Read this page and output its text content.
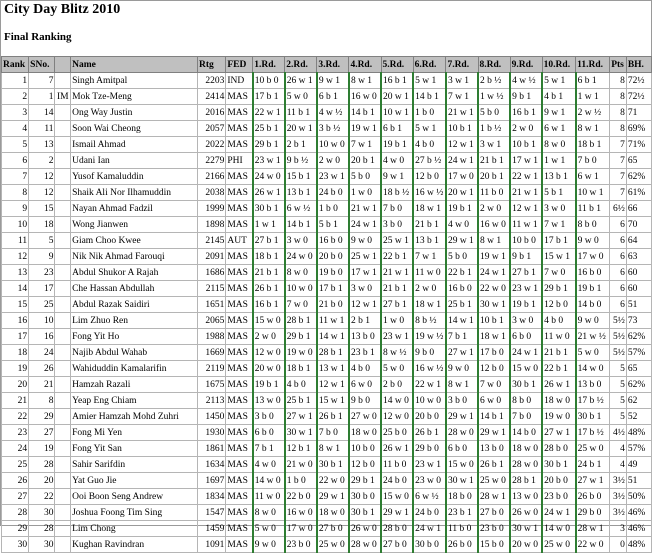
City Day Blitz 2010
Final Ranking
Rank	SNo.		Name	Rtg	FED	1.Rd.	2.Rd.	3.Rd.	4.Rd.	5.Rd.	6.Rd.	7.Rd.	8.Rd.	9.Rd.	10.Rd.	11.Rd.	Pts	BH.
1	7		Singh Amitpal	2203	IND	10 b 0	26 w 1	9 w 1	8 w 1	16 b 1	5 w 1	3 w 1	2 b ½	4 w ½	5 w 1	6 b 1	8	72½
2	1	IM	Mok Tze-Meng	2414	MAS	17 b 1	5 w 0	6 b 1	16 w 0	20 w 1	14 b 1	7 w 1	1 w ½	9 b 1	4 b 1	1 w 1	8	72½
3	14		Ong Way Justin	2016	MAS	22 w 1	11 b 1	4 w ½	14 b 1	10 w 1	1 b 0	21 w 1	5 b 0	16 b 1	9 w 1	2 w ½	8	71
4	11		Soon Wai Cheong	2057	MAS	25 b 1	20 w 1	3 b ½	19 w 1	6 b 1	5 w 1	10 b 1	1 b ½	2 w 0	6 w 1	8 w 1	8	69%
5	13		Ismail Ahmad	2022	MAS	29 b 1	2 b 1	10 w 0	7 w 1	19 b 1	4 b 0	12 w 1	3 w 1	10 b 1	8 w 0	18 b 1	7	71%
6	2		Udani Ian	2279	PHI	23 w 1	9 b ½	2 w 0	20 b 1	4 w 0	27 b ½	24 w 1	21 b 1	17 w 1	1 w 1	7 b 0	7	65
7	12		Yusof Kamaluddin	2166	MAS	24 w 0	15 b 1	23 w 1	5 b 0	9 w 1	12 b 0	17 w 0	20 b 1	22 w 1	13 b 1	6 w 1	7	62%
8	12		Shaik Ali Nor Ilhamuddin	2038	MAS	26 w 1	13 b 1	24 b 0	1 w 0	18 b ½	16 w ½	20 w 1	11 b 0	21 w 1	5 b 1	10 w 1	7	61%
9	15		Nayan Ahmad Fadzil	1999	MAS	30 b 1	6 w ½	1 b 0	21 w 1	7 b 0	18 w 1	19 b 1	2 w 0	12 w 1	3 w 0	11 b 1	6½	66
10	18		Wong Jianwen	1898	MAS	1 w 1	14 b 1	5 b 1	24 w 1	3 b 0	21 b 1	4 w 0	16 w 0	11 w 1	7 w 1	8 b 0	6	70
11	5		Giam Choo Kwee	2145	AUT	27 b 1	3 w 0	16 b 0	9 w 0	25 w 1	13 b 1	29 w 1	8 w 1	10 b 0	17 b 1	9 w 0	6	64
12	9		Nik Nik Ahmad Farouqi	2091	MAS	18 b 1	24 w 0	20 b 0	25 w 1	22 b 1	7 w 1	5 b 0	19 w 1	9 b 1	15 w 1	17 w 0	6	63
13	23		Abdul Shukor A Rajah	1686	MAS	21 b 1	8 w 0	19 b 0	17 w 1	21 w 1	11 w 0	22 b 1	24 w 1	27 b 1	7 w 0	16 b 0	6	60
14	17		Che Hassan Abdullah	2115	MAS	26 b 1	10 w 0	17 b 1	3 w 0	21 b 1	2 w 0	16 b 0	22 w 0	23 w 1	29 b 1	19 b 1	6	60
15	25		Abdul Razak Saidiri	1651	MAS	16 b 1	7 w 0	21 b 0	12 w 1	27 b 1	18 w 1	25 b 1	30 w 1	19 b 1	12 b 0	14 b 0	6	51
16	10		Lim Zhuo Ren	2065	MAS	15 w 0	28 b 1	11 w 1	2 b 1	1 w 0	8 b ½	14 w 1	10 b 1	3 w 0	4 b 0	9 w 0	5½	73
17	16		Fong Yit Ho	1988	MAS	2 w 0	29 b 1	14 w 1	13 b 0	23 w 1	19 w ½	7 b 1	18 w 1	6 b 0	11 w 0	21 w ½	5½	62%
18	24		Najib Abdul Wahab	1669	MAS	12 w 0	19 w 0	28 b 1	23 b 1	8 w ½	9 b 0	27 w 1	17 b 0	24 w 1	21 b 1	5 w 0	5½	57%
19	26		Wahiduddin Kamalarifin	2119	MAS	20 w 0	18 b 1	13 w 1	4 b 0	5 w 0	16 w ½	9 w 0	12 b 0	15 w 0	22 b 1	14 w 0	5	65
20	21		Hamzah Razali	1675	MAS	19 b 1	4 b 0	12 w 1	6 w 0	2 b 0	22 w 1	8 w 1	7 w 0	30 b 1	26 w 1	13 b 0	5	62%
21	8		Yeap Eng Chiam	2113	MAS	13 w 0	25 b 1	15 w 1	9 b 0	14 w 0	10 w 0	3 b 0	6 w 0	8 b 0	18 w 0	17 b ½	5	62
22	29		Amier Hamzah Mohd Zuhri	1450	MAS	3 b 0	27 w 1	26 b 1	27 w 0	12 w 0	20 b 0	29 w 1	14 b 1	7 b 0	19 w 0	30 b 1	5	52
23	27		Fong Mi Yen	1930	MAS	6 b 0	30 w 1	7 b 0	18 w 0	25 b 0	26 b 1	28 w 0	29 w 1	14 b 0	27 w 1	17 b ½	4½	48%
24	19		Fong Yit San	1861	MAS	7 b 1	12 b 1	8 w 1	10 b 0	26 w 1	29 b 0	6 b 0	13 b 0	18 w 0	28 b 0	25 w 0	4	57%
25	28		Sahir Sarifdin	1634	MAS	4 w 0	21 w 0	30 b 1	12 b 0	11 b 0	23 w 1	15 w 0	26 b 1	28 w 0	30 b 1	24 b 1	4	49
26	20		Yat Guo Jie	1697	MAS	14 w 0	1 b 0	22 w 0	29 b 1	24 b 0	23 w 0	30 w 1	25 w 0	28 b 1	20 b 0	27 w 1	3½	51
27	22		Ooi Boon Seng Andrew	1834	MAS	11 w 0	22 b 0	29 w 1	30 b 0	15 w 0	6 w ½	18 b 0	28 w 1	13 w 0	23 b 0	26 b 0	3½	50%
28	30		Joshua Foong Tim Sing	1547	MAS	8 w 0	16 w 0	18 w 0	30 b 1	29 w 1	24 b 0	23 b 1	27 b 0	26 w 0	24 w 1	29 b 0	3½	46%
29	28		Lim Chong	1459	MAS	5 w 0	17 w 0	27 b 0	26 w 0	28 b 0	24 w 1	11 b 0	23 b 0	30 w 1	14 w 0	28 w 1	3	46%
30	30		Kughan Ravindran	1091	MAS	9 w 0	23 b 0	25 w 0	28 w 0	27 b 0	30 b 0	26 b 0	15 b 0	20 w 0	25 w 0	22 w 0	0	48%
